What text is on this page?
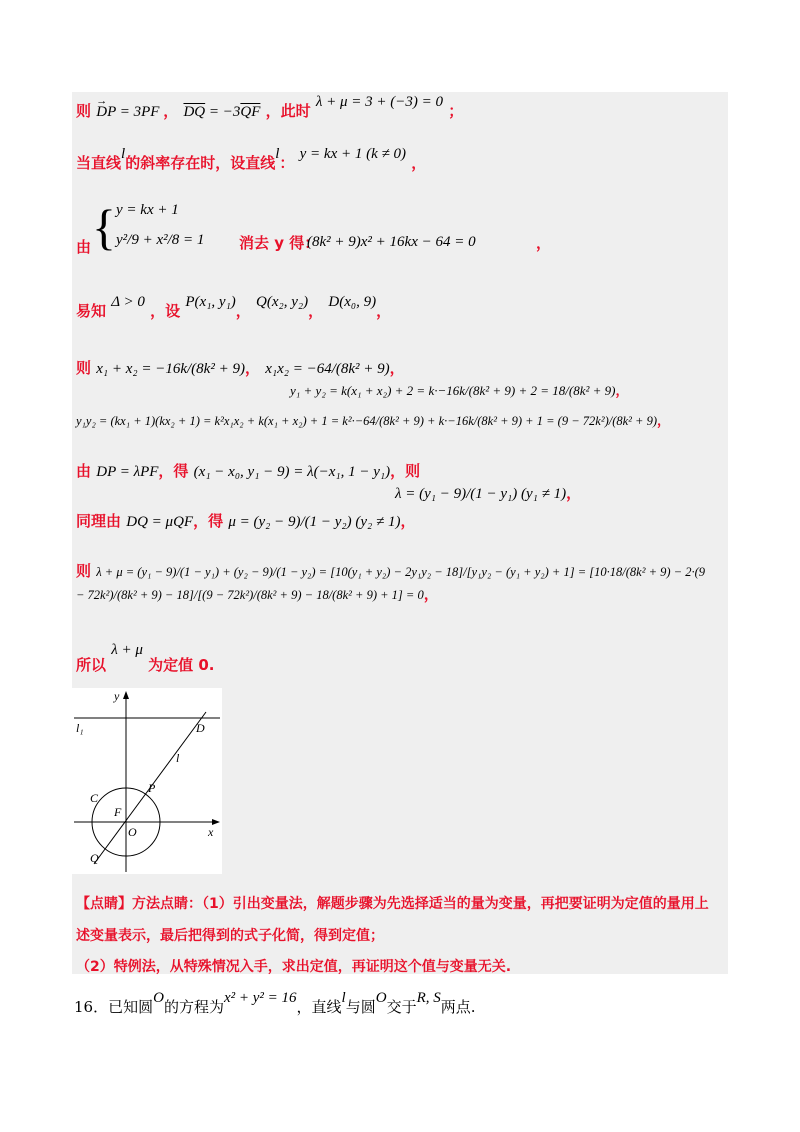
则 D
→
P = 3PF ， $\overline{DQ} = -3\overline{QF}$ ，此时 λ + μ = 3 + (−3) = 0 ；
当直线l的斜率存在时，设直线l： y = kx + 1 (k ≠ 0) ，
由 { y = kx + 1
y²/9 + x²/8 = 1 消去 y 得：
(8k² + 9)x² + 16kx − 64 = 0	，
易知 Δ > 0 ，设 P(x₁, y₁)， Q(x₂, y₂)， D(x₀, 9)，
则 x₁ + x₂ = −16k/(8k² + 9)， x₁x₂ = −64/(8k² + 9)，
y₁ + y₂ = k(x₁ + x₂) + 2 = k·−16k/(8k² + 9) + 2 = 18/(8k² + 9)，
y₁y₂ = (kx₁ + 1)(kx₂ + 1) = k²x₁x₂ + k(x₁ + x₂) + 1 = k²·−64/(8k² + 9) + k·−16k/(8k² + 9) + 1 = (9 − 72k²)/(8k² + 9)，
由 DP = λPF，得 (x₁ − x₀, y₁ − 9) = λ(−x₁, 1 − y₁)，则
λ = (y₁ − 9)/(1 − y₁) (y₁ ≠ 1)，
同理由 DQ = μQF，得 μ = (y₂ − 9)/(1 − y₂) (y₂ ≠ 1)，
则 λ + μ = (y₁ − 9)/(1 − y₁) + (y₂ − 9)/(1 − y₂) = [10(y₁ + y₂) − 2y₁y₂ − 18]/[y₁y₂ − (y₁ + y₂) + 1] = [10·18/(8k² + 9) − 2·(9 − 72k²)/(8k² + 9) − 18]/[(9 − 72k²)/(8k² + 9) − 18/(8k² + 9) + 1] = 0，
所以 λ + μ 为定值 0.
y
x
O
F
C
P
Q
D
l₁
l
【点睛】方法点睛：（1）引出变量法，解题步骤为先选择适当的量为变量，再把要证明为定值的量用上
述变量表示，最后把得到的式子化简，得到定值；
（2）特例法，从特殊情况入手，求出定值，再证明这个值与变量无关.
16．已知圆O的方程为x² + y² = 16，直线l与圆O交于R, S两点.
